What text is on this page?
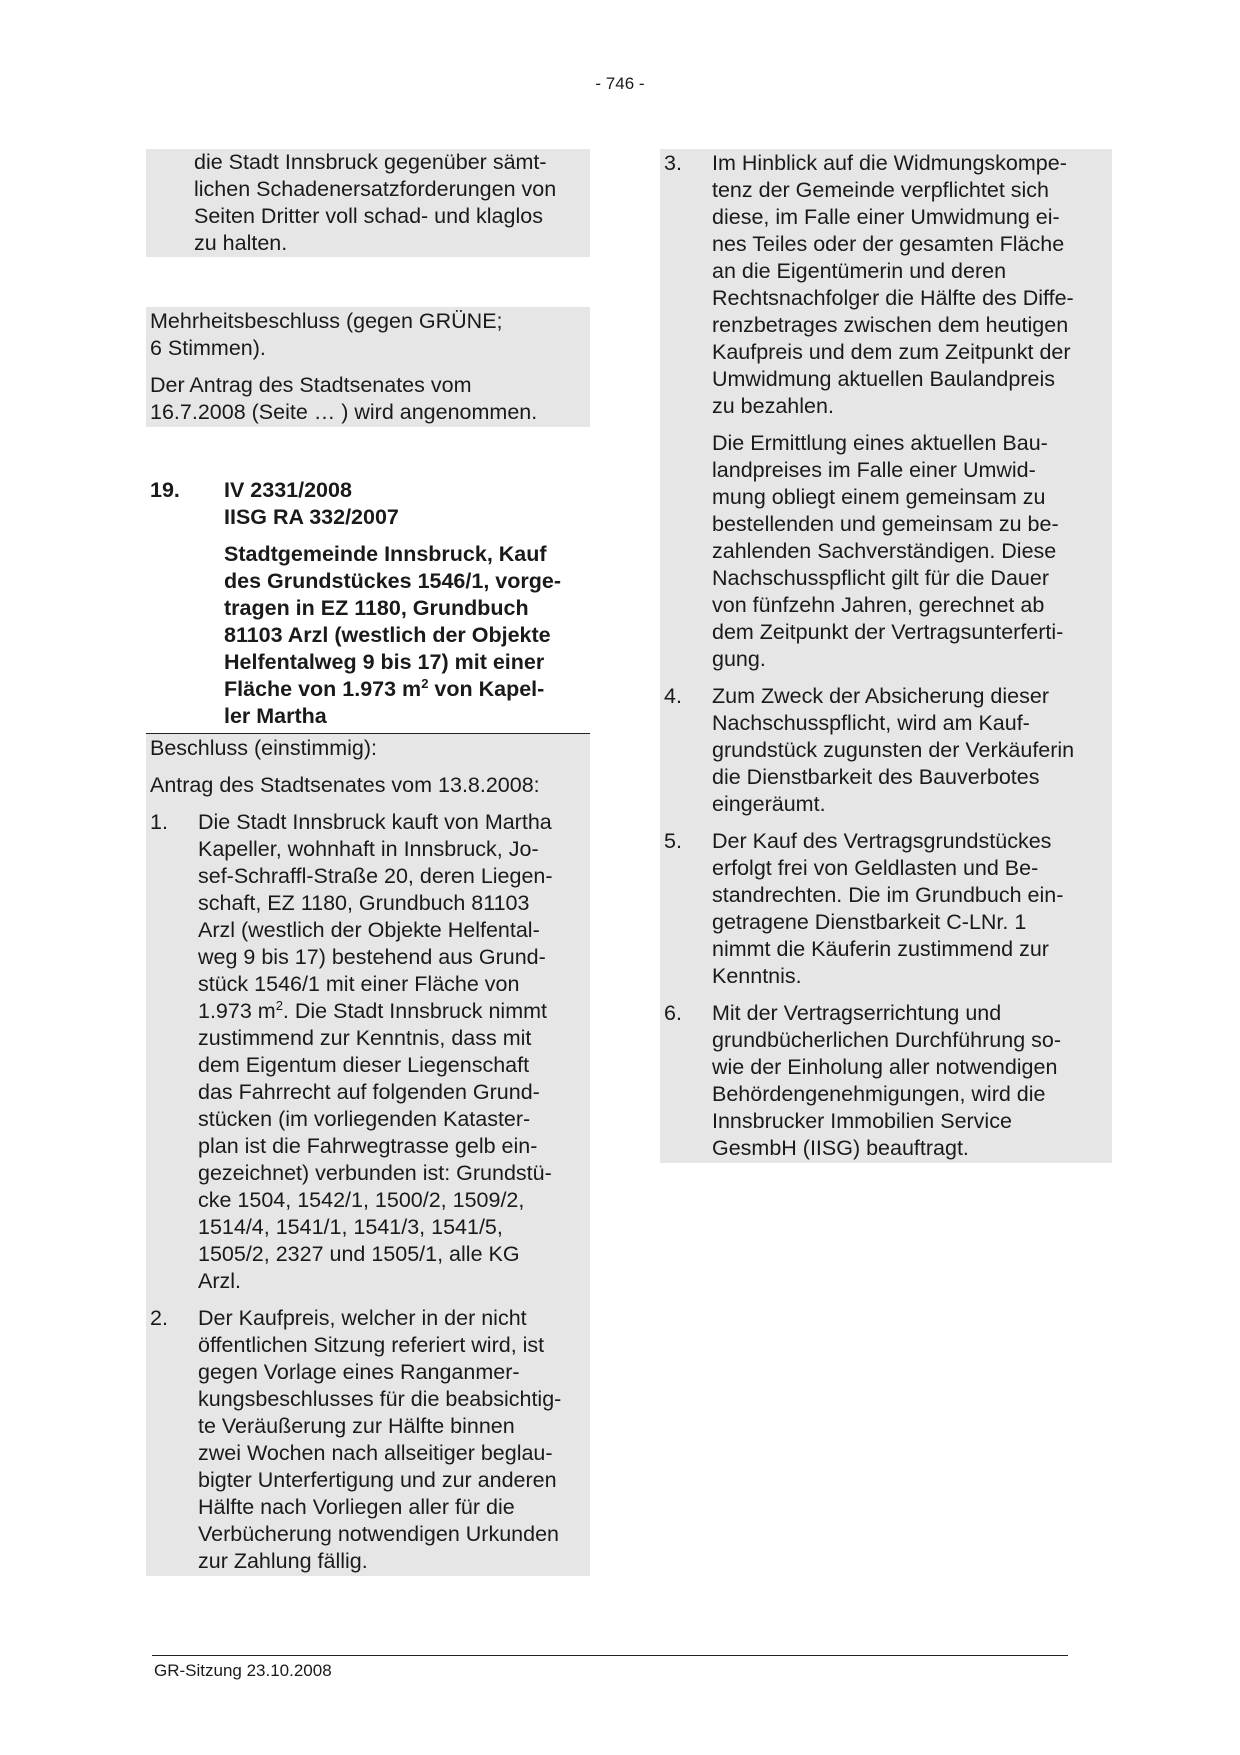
- 746 -
die Stadt Innsbruck gegenüber sämt-
lichen Schadenersatzforderungen von
Seiten Dritter voll schad- und klaglos
zu halten.
Mehrheitsbeschluss (gegen GRÜNE;
6 Stimmen).
Der Antrag des Stadtsenates vom
16.7.2008 (Seite … ) wird angenommen.
19.	IV 2331/2008
IISG RA 332/2007
Stadtgemeinde Innsbruck, Kauf
des Grundstückes 1546/1, vorge-
tragen in EZ 1180, Grundbuch
81103 Arzl (westlich der Objekte
Helfentalweg 9 bis 17) mit einer
Fläche von 1.973 $m^2$ von Kapel-
ler Martha
Beschluss (einstimmig):
Antrag des Stadtsenates vom 13.8.2008:
1.	Die Stadt Innsbruck kauft von Martha
Kapeller, wohnhaft in Innsbruck, Jo-
sef-Schraffl-Straße 20, deren Liegen-
schaft, EZ 1180, Grundbuch 81103
Arzl (westlich der Objekte Helfental-
weg 9 bis 17) bestehend aus Grund-
stück 1546/1 mit einer Fläche von
1.973 $m^2$. Die Stadt Innsbruck nimmt
zustimmend zur Kenntnis, dass mit
dem Eigentum dieser Liegenschaft
das Fahrrecht auf folgenden Grund-
stücken (im vorliegenden Kataster-
plan ist die Fahrwegtrasse gelb ein-
gezeichnet) verbunden ist: Grundstü-
cke 1504, 1542/1, 1500/2, 1509/2,
1514/4, 1541/1, 1541/3, 1541/5,
1505/2, 2327 und 1505/1, alle KG
Arzl.
2.	Der Kaufpreis, welcher in der nicht
öffentlichen Sitzung referiert wird, ist
gegen Vorlage eines Ranganmer-
kungsbeschlusses für die beabsichtig-
te Veräußerung zur Hälfte binnen
zwei Wochen nach allseitiger beglau-
bigter Unterfertigung und zur anderen
Hälfte nach Vorliegen aller für die
Verbücherung notwendigen Urkunden
zur Zahlung fällig.
3.	Im Hinblick auf die Widmungskompe-
tenz der Gemeinde verpflichtet sich
diese, im Falle einer Umwidmung ei-
nes Teiles oder der gesamten Fläche
an die Eigentümerin und deren
Rechtsnachfolger die Hälfte des Diffe-
renzbetrages zwischen dem heutigen
Kaufpreis und dem zum Zeitpunkt der
Umwidmung aktuellen Baulandpreis
zu bezahlen.
Die Ermittlung eines aktuellen Bau-
landpreises im Falle einer Umwid-
mung obliegt einem gemeinsam zu
bestellenden und gemeinsam zu be-
zahlenden Sachverständigen. Diese
Nachschusspflicht gilt für die Dauer
von fünfzehn Jahren, gerechnet ab
dem Zeitpunkt der Vertragsunterferti-
gung.
4.	Zum Zweck der Absicherung dieser
Nachschusspflicht, wird am Kauf-
grundstück zugunsten der Verkäuferin
die Dienstbarkeit des Bauverbotes
eingeräumt.
5.	Der Kauf des Vertragsgrundstückes
erfolgt frei von Geldlasten und Be-
standrechten. Die im Grundbuch ein-
getragene Dienstbarkeit C-LNr. 1
nimmt die Käuferin zustimmend zur
Kenntnis.
6.	Mit der Vertragserrichtung und
grundbücherlichen Durchführung so-
wie der Einholung aller notwendigen
Behördengenehmigungen, wird die
Innsbrucker Immobilien Service
GesmbH (IISG) beauftragt.
GR-Sitzung 23.10.2008
